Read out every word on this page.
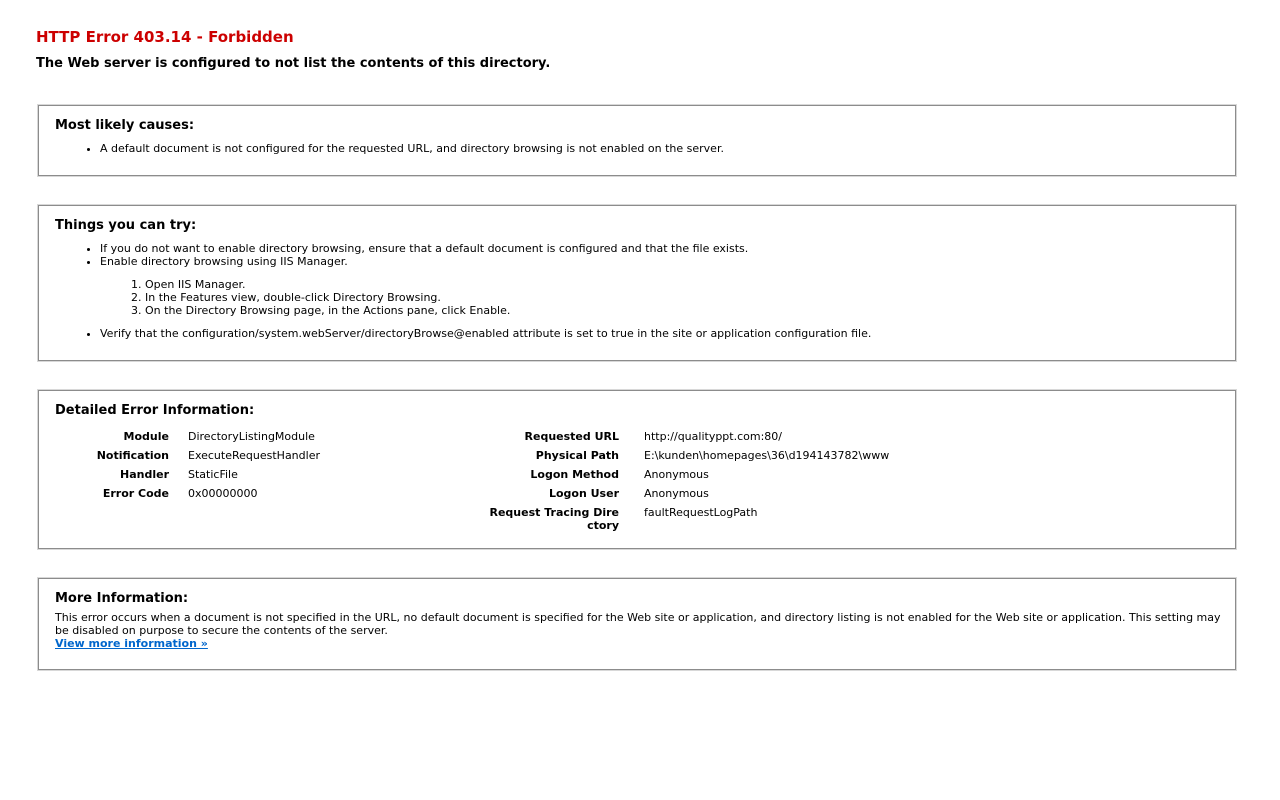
HTTP Error 403.14 - Forbidden
The Web server is configured to not list the contents of this directory.
Most likely causes:
• A default document is not configured for the requested URL, and directory browsing is not enabled on the server.
Things you can try:
• If you do not want to enable directory browsing, ensure that a default document is configured and that the file exists.
• Enable directory browsing using IIS Manager.
1. Open IIS Manager.
2. In the Features view, double-click Directory Browsing.
3. On the Directory Browsing page, in the Actions pane, click Enable.
• Verify that the configuration/system.webServer/directoryBrowse@enabled attribute is set to true in the site or application configuration file.
Detailed Error Information:
Module DirectoryListingModule
Notification ExecuteRequestHandler
Handler StaticFile
Error Code 0x00000000
Requested URL http://qualityppt.com:80/
Physical Path E:\kunden\homepages\36\d194143782\www
Logon Method Anonymous
Logon User Anonymous
Request Tracing Dire ctory
faultRequestLogPath
More Information:

This error occurs when a document is not specified in the URL, no default document is specified for the Web site or application, and directory listing is not enabled for the Web site or application. This setting may be disabled on purpose to secure the contents of the server.

View more information »
